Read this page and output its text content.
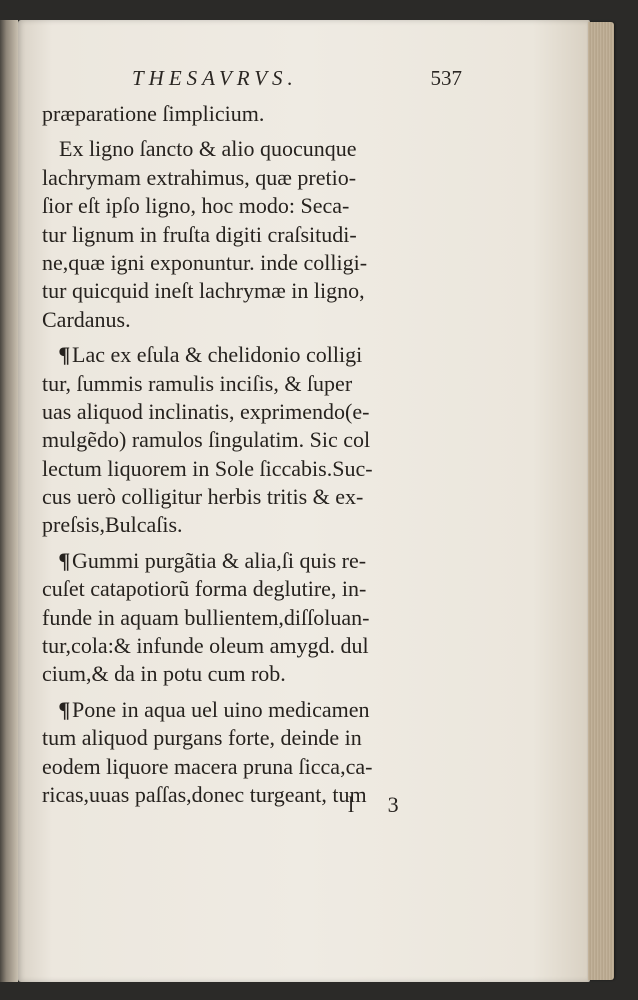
THESAVRVS.	537
præparatione ſimplicium.
Ex ligno ſancto & alio quocunque
lachrymam extrahimus, quæ pretio-
ſior eſt ipſo ligno, hoc modo: Seca-
tur lignum in fruſta digiti craſsitudi-
ne,quæ igni exponuntur. inde colligi-
tur quicquid ineſt lachrymæ in ligno,
Cardanus.
¶Lac ex eſula & chelidonio colligi
tur, ſummis ramulis inciſis, & ſuper
uas aliquod inclinatis, exprimendo(e-
mulgẽdo) ramulos ſingulatim. Sic col
lectum liquorem in Sole ſiccabis.Suc-
cus uerò colligitur herbis tritis & ex-
preſsis,Bulcaſis.
¶Gummi purgãtia & alia,ſi quis re-
cuſet catapotiorũ forma deglutire, in-
funde in aquam bullientem,diſſoluan-
tur,cola:& infunde oleum amygd. dul
cium,& da in potu cum rob.
¶Pone in aqua uel uino medicamen
tum aliquod purgans forte, deinde in
eodem liquore macera pruna ſicca,ca-
ricas,uuas paſſas,donec turgeant, tum
l 3
